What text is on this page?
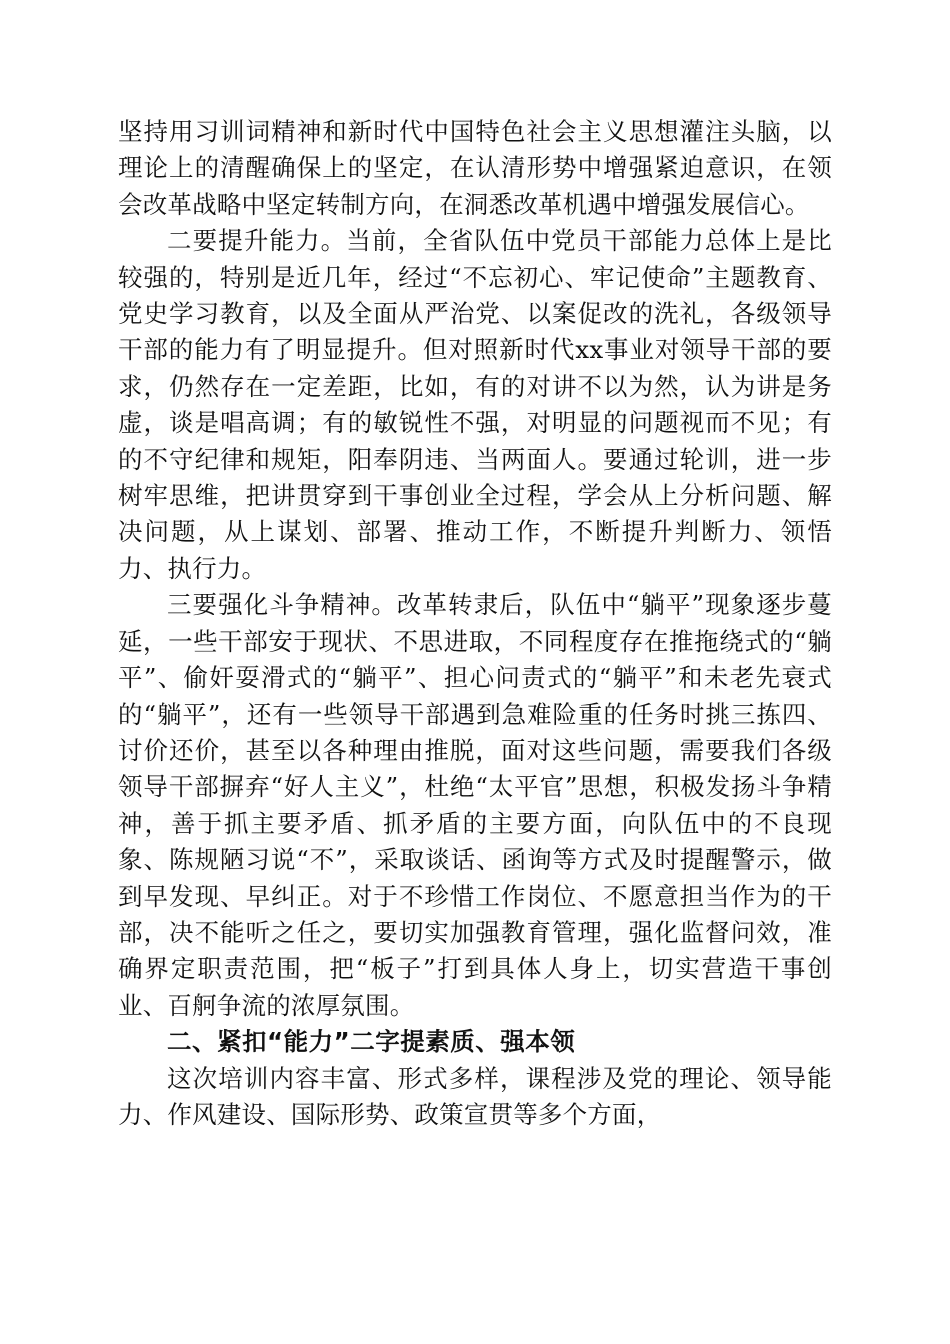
坚持用习训词精神和新时代中国特色社会主义思想灌注头脑，以理论上的清醒确保上的坚定，在认清形势中增强紧迫意识，在领会改革战略中坚定转制方向，在洞悉改革机遇中增强发展信心。

二要提升能力。当前，全省队伍中党员干部能力总体上是比较强的，特别是近几年，经过“不忘初心、牢记使命”主题教育、党史学习教育，以及全面从严治党、以案促改的洗礼，各级领导干部的能力有了明显提升。但对照新时代xx事业对领导干部的要求，仍然存在一定差距，比如，有的对讲不以为然，认为讲是务虚，谈是唱高调；有的敏锐性不强，对明显的问题视而不见；有的不守纪律和规矩，阳奉阴违、当两面人。要通过轮训，进一步树牢思维，把讲贯穿到干事创业全过程，学会从上分析问题、解决问题，从上谋划、部署、推动工作，不断提升判断力、领悟力、执行力。

三要强化斗争精神。改革转隶后，队伍中“躺平”现象逐步蔓延，一些干部安于现状、不思进取，不同程度存在推拖绕式的“躺平”、偷奸耍滑式的“躺平”、担心问责式的“躺平”和未老先衰式的“躺平”，还有一些领导干部遇到急难险重的任务时挑三拣四、讨价还价，甚至以各种理由推脱，面对这些问题，需要我们各级领导干部摒弃“好人主义”，杜绝“太平官”思想，积极发扬斗争精神，善于抓主要矛盾、抓矛盾的主要方面，向队伍中的不良现象、陈规陋习说“不”，采取谈话、函询等方式及时提醒警示，做到早发现、早纠正。对于不珍惜工作岗位、不愿意担当作为的干部，决不能听之任之，要切实加强教育管理，强化监督问效，准确界定职责范围，把“板子”打到具体人身上，切实营造干事创业、百舸争流的浓厚氛围。

二、紧扣“能力”二字提素质、强本领

这次培训内容丰富、形式多样，课程涉及党的理论、领导能力、作风建设、国际形势、政策宣贯等多个方面，
